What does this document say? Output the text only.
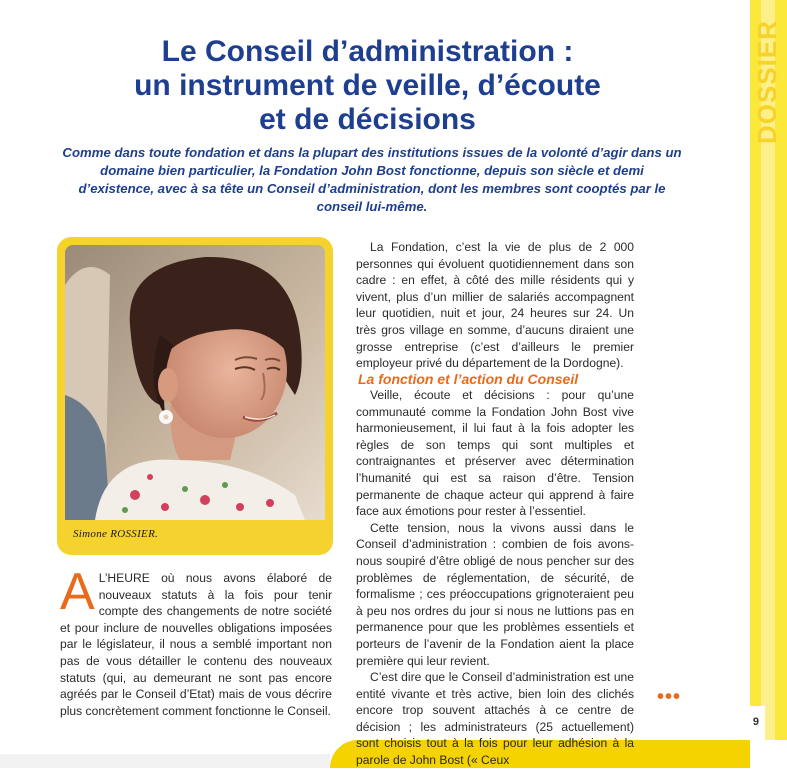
DOSSIER
9
Le Conseil d’administration :
un instrument de veille, d’écoute
et de décisions
Comme dans toute fondation et dans la plupart des institutions issues de la volonté d’agir dans un domaine bien particulier, la Fondation John Bost fonctionne, depuis son siècle et demi d’existence, avec à sa tête un Conseil d’administration, dont les membres sont cooptés par le conseil lui-même.
Simone ROSSIER.

La Fondation, c’est la vie de plus de 2 000 personnes qui évoluent quotidiennement dans son cadre : en effet, à côté des mille résidents qui y vivent, plus d’un millier de salariés accompagnent leur quotidien, nuit et jour, 24 heures sur 24. Un très gros village en somme, d’aucuns diraient une grosse entreprise (c’est d’ailleurs le premier employeur privé du département de la Dordogne).

La fonction et l’action du Conseil

Veille, écoute et décisions : pour qu’une communauté comme la Fondation John Bost vive harmonieusement, il lui faut à la fois adopter les règles de son temps qui sont multiples et contraignantes et préserver avec détermination l’humanité qui est sa raison d’être. Tension permanente de chaque acteur qui apprend à faire face aux émotions pour rester à l’essentiel.

Cette tension, nous la vivons aussi dans le Conseil d’administration : combien de fois avons-nous soupiré d’être obligé de nous pencher sur des problèmes de réglementation, de sécurité, de formalisme ; ces préoccupations grignoteraient peu à peu nos ordres du jour si nous ne luttions pas en permanence pour que les problèmes essentiels et porteurs de l’avenir de la Fondation aient la place première qui leur revient.

C’est dire que le Conseil d’administration est une entité vivante et très active, bien loin des clichés encore trop souvent attachés à ce centre de décision ; les administrateurs (25 actuellement) sont choisis tout à la fois pour leur adhésion à la parole de John Bost (« Ceux

A L’HEURE où nous avons élaboré de nouveaux statuts à la fois pour tenir compte des changements de notre société et pour inclure de nouvelles obligations imposées par le législateur, il nous a semblé important non pas de vous détailler le contenu des nouveaux statuts (qui, au demeurant ne sont pas encore agréés par le Conseil d’Etat) mais de vous décrire plus concrètement comment fonctionne le Conseil.
•••
